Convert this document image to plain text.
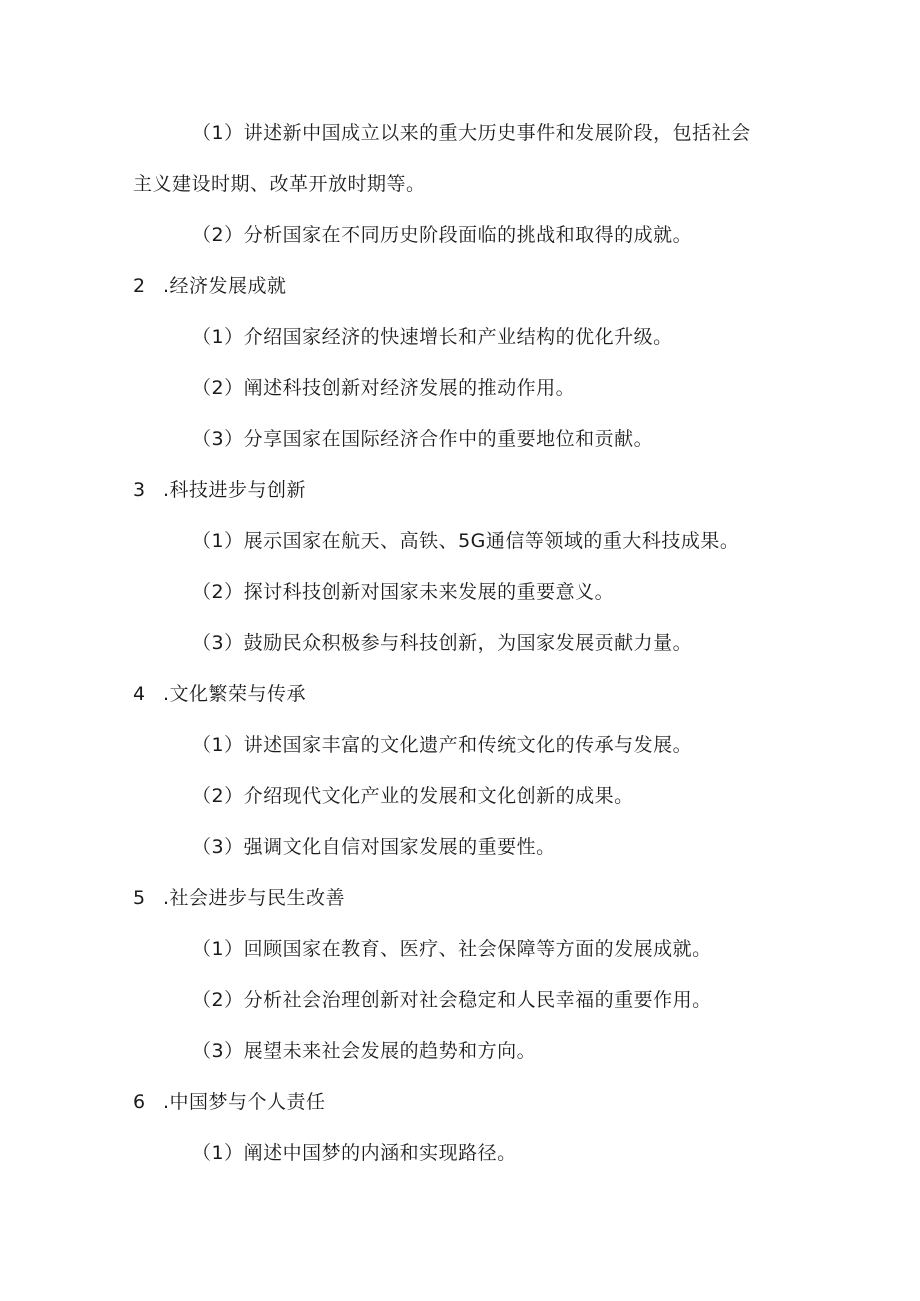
（1）讲述新中国成立以来的重大历史事件和发展阶段，包括社会
主义建设时期、改革开放时期等。
（2）分析国家在不同历史阶段面临的挑战和取得的成就。
2 .经济发展成就
（1）介绍国家经济的快速增长和产业结构的优化升级。
（2）阐述科技创新对经济发展的推动作用。
（3）分享国家在国际经济合作中的重要地位和贡献。
3 .科技进步与创新
（1）展示国家在航天、高铁、5G通信等领域的重大科技成果。
（2）探讨科技创新对国家未来发展的重要意义。
（3）鼓励民众积极参与科技创新，为国家发展贡献力量。
4 .文化繁荣与传承
（1）讲述国家丰富的文化遗产和传统文化的传承与发展。
（2）介绍现代文化产业的发展和文化创新的成果。
（3）强调文化自信对国家发展的重要性。
5 .社会进步与民生改善
（1）回顾国家在教育、医疗、社会保障等方面的发展成就。
（2）分析社会治理创新对社会稳定和人民幸福的重要作用。
（3）展望未来社会发展的趋势和方向。
6 .中国梦与个人责任
（1）阐述中国梦的内涵和实现路径。
